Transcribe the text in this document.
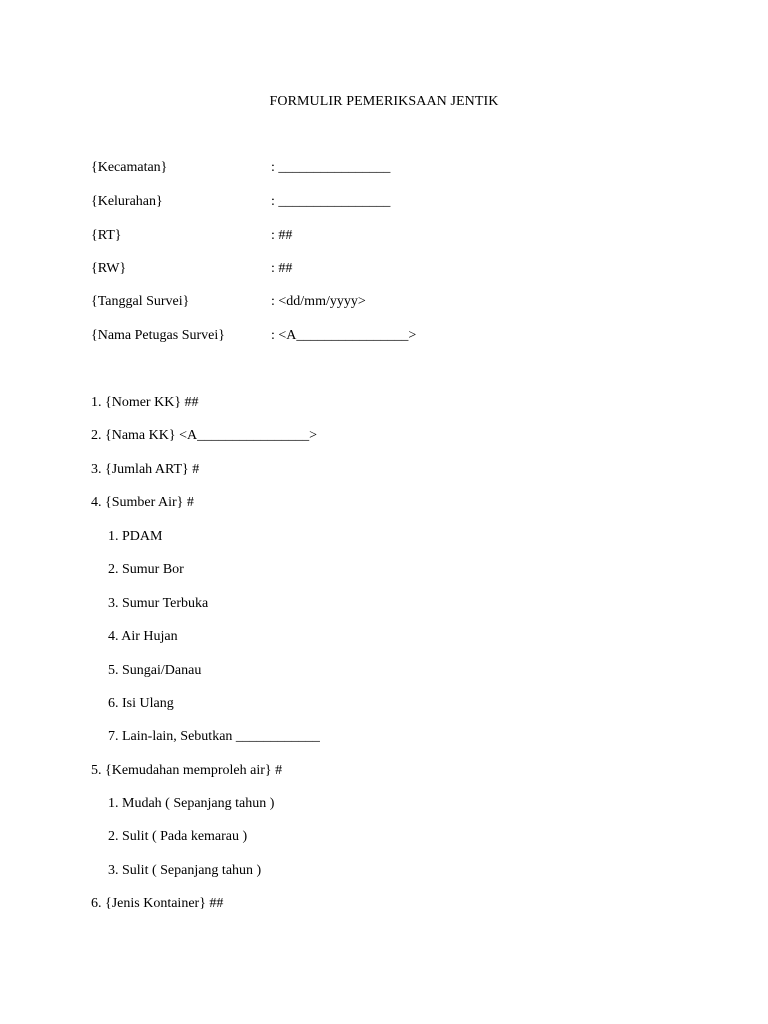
FORMULIR PEMERIKSAAN JENTIK
{Kecamatan}	: ________________
{Kelurahan}	: ________________
{RT}	: ##
{RW}	: ##
{Tanggal Survei}	: <dd/mm/yyyy>
{Nama Petugas Survei}	: <A________________>
1. {Nomer KK} ##
2. {Nama KK} <A________________>
3. {Jumlah ART} #
4. {Sumber Air} #
1. PDAM
2. Sumur Bor
3. Sumur Terbuka
4. Air Hujan
5. Sungai/Danau
6. Isi Ulang
7. Lain-lain, Sebutkan ____________
5. {Kemudahan memproleh air} #
1. Mudah ( Sepanjang tahun )
2. Sulit ( Pada kemarau )
3. Sulit ( Sepanjang tahun )
6. {Jenis Kontainer} ##
